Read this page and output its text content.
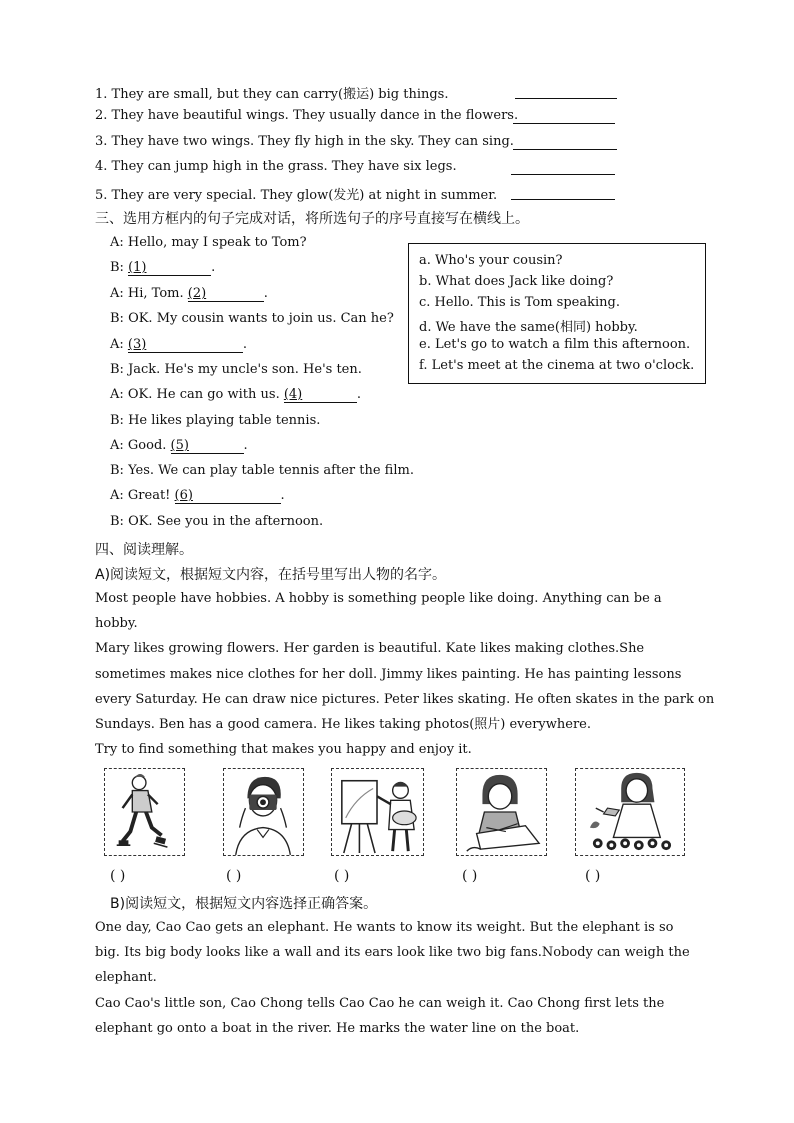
1. They are small, but they can carry(搬运) big things.
2. They have beautiful wings. They usually dance in the flowers.
3. They have two wings. They fly high in the sky. They can sing.
4. They can jump high in the grass. They have six legs.
5. They are very special. They glow(发光) at night in summer.
三、选用方框内的句子完成对话，将所选句子的序号直接写在横线上。
A: Hello, may I speak to Tom?
B: (1)	.
A: Hi, Tom. (2)	.
B: OK. My cousin wants to join us. Can he?
A: (3)	.
B: Jack. He's my uncle's son. He's ten.
A: OK. He can go with us. (4)	.
B: He likes playing table tennis.
A: Good. (5)	.
B: Yes. We can play table tennis after the film.
A: Great! (6)	.
B: OK. See you in the afternoon.
a. Who's your cousin?
b. What does Jack like doing?
c. Hello. This is Tom speaking.
d. We have the same(相同) hobby.
e. Let's go to watch a film this afternoon.
f. Let's meet at the cinema at two o'clock.
四、阅读理解。
A)阅读短文，根据短文内容，在括号里写出人物的名字。
Most people have hobbies. A hobby is something people like doing. Anything can be a
hobby.
Mary likes growing flowers. Her garden is beautiful. Kate likes making clothes.She
sometimes makes nice clothes for her doll. Jimmy likes painting. He has painting lessons
every Saturday. He can draw nice pictures. Peter likes skating. He often skates in the park on
Sundays. Ben has a good camera. He likes taking photos(照片) everywhere.
Try to find something that makes you happy and enjoy it.
( )	( )	( )	( )	( )
B)阅读短文，根据短文内容选择正确答案。
One day, Cao Cao gets an elephant. He wants to know its weight. But the elephant is so
big. Its big body looks like a wall and its ears look like two big fans.Nobody can weigh the
elephant.
Cao Cao's little son, Cao Chong tells Cao Cao he can weigh it. Cao Chong first lets the
elephant go onto a boat in the river. He marks the water line on the boat.
